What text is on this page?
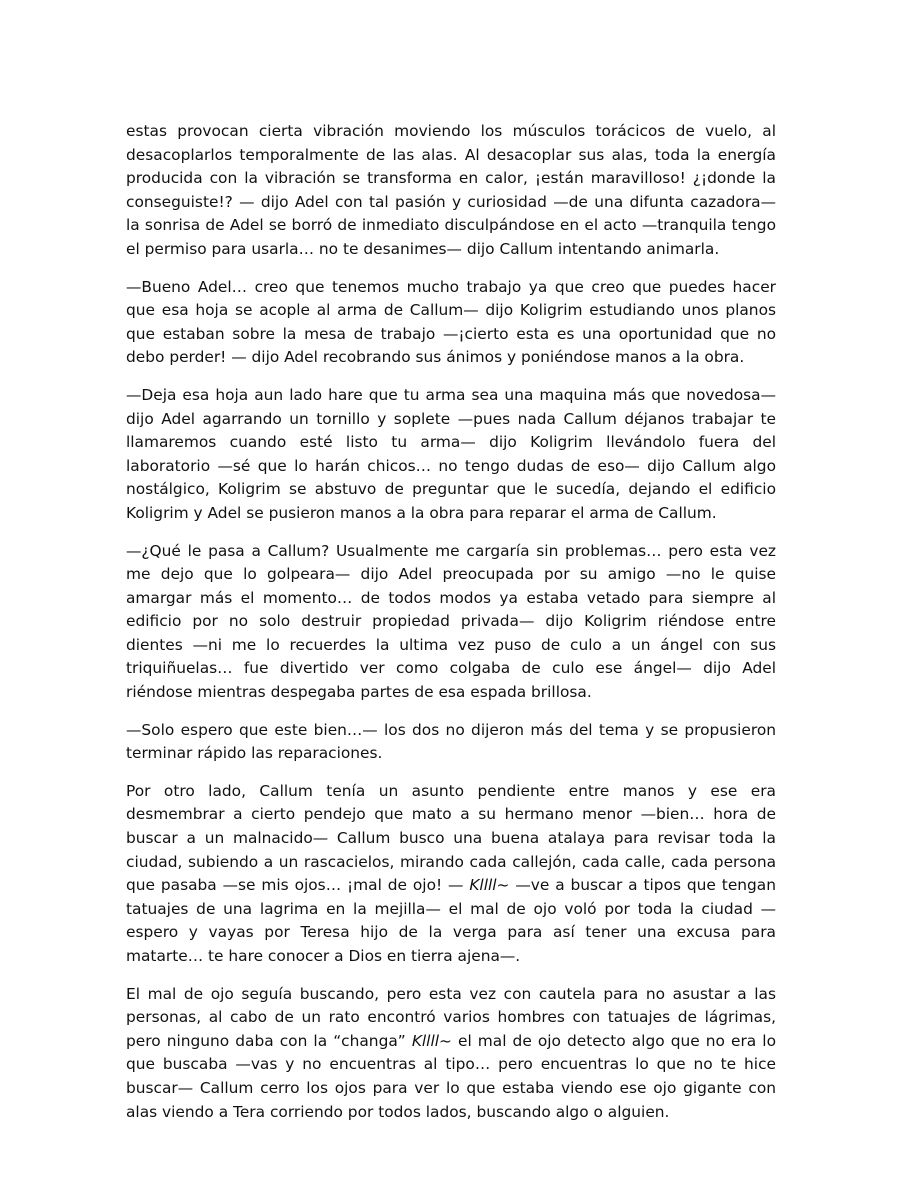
estas provocan cierta vibración moviendo los músculos torácicos de vuelo, al desacoplarlos temporalmente de las alas. Al desacoplar sus alas, toda la energía producida con la vibración se transforma en calor, ¡están maravilloso! ¿¡donde la conseguiste!? — dijo Adel con tal pasión y curiosidad —de una difunta cazadora— la sonrisa de Adel se borró de inmediato disculpándose en el acto —tranquila tengo el permiso para usarla… no te desanimes— dijo Callum intentando animarla.

—Bueno Adel… creo que tenemos mucho trabajo ya que creo que puedes hacer que esa hoja se acople al arma de Callum— dijo Koligrim estudiando unos planos que estaban sobre la mesa de trabajo —¡cierto esta es una oportunidad que no debo perder! — dijo Adel recobrando sus ánimos y poniéndose manos a la obra.

—Deja esa hoja aun lado hare que tu arma sea una maquina más que novedosa— dijo Adel agarrando un tornillo y soplete —pues nada Callum déjanos trabajar te llamaremos cuando esté listo tu arma— dijo Koligrim llevándolo fuera del laboratorio —sé que lo harán chicos… no tengo dudas de eso— dijo Callum algo nostálgico, Koligrim se abstuvo de preguntar que le sucedía, dejando el edificio Koligrim y Adel se pusieron manos a la obra para reparar el arma de Callum.

—¿Qué le pasa a Callum? Usualmente me cargaría sin problemas… pero esta vez me dejo que lo golpeara— dijo Adel preocupada por su amigo —no le quise amargar más el momento… de todos modos ya estaba vetado para siempre al edificio por no solo destruir propiedad privada— dijo Koligrim riéndose entre dientes —ni me lo recuerdes la ultima vez puso de culo a un ángel con sus triquiñuelas… fue divertido ver como colgaba de culo ese ángel— dijo Adel riéndose mientras despegaba partes de esa espada brillosa.

—Solo espero que este bien…— los dos no dijeron más del tema y se propusieron terminar rápido las reparaciones.

Por otro lado, Callum tenía un asunto pendiente entre manos y ese era desmembrar a cierto pendejo que mato a su hermano menor —bien… hora de buscar a un malnacido— Callum busco una buena atalaya para revisar toda la ciudad, subiendo a un rascacielos, mirando cada callejón, cada calle, cada persona que pasaba —se mis ojos… ¡mal de ojo! — Kllll~ —ve a buscar a tipos que tengan tatuajes de una lagrima en la mejilla— el mal de ojo voló por toda la ciudad —espero y vayas por Teresa hijo de la verga para así tener una excusa para matarte… te hare conocer a Dios en tierra ajena—.

El mal de ojo seguía buscando, pero esta vez con cautela para no asustar a las personas, al cabo de un rato encontró varios hombres con tatuajes de lágrimas, pero ninguno daba con la “changa” Kllll~ el mal de ojo detecto algo que no era lo que buscaba —vas y no encuentras al tipo… pero encuentras lo que no te hice buscar— Callum cerro los ojos para ver lo que estaba viendo ese ojo gigante con alas viendo a Tera corriendo por todos lados, buscando algo o alguien.
